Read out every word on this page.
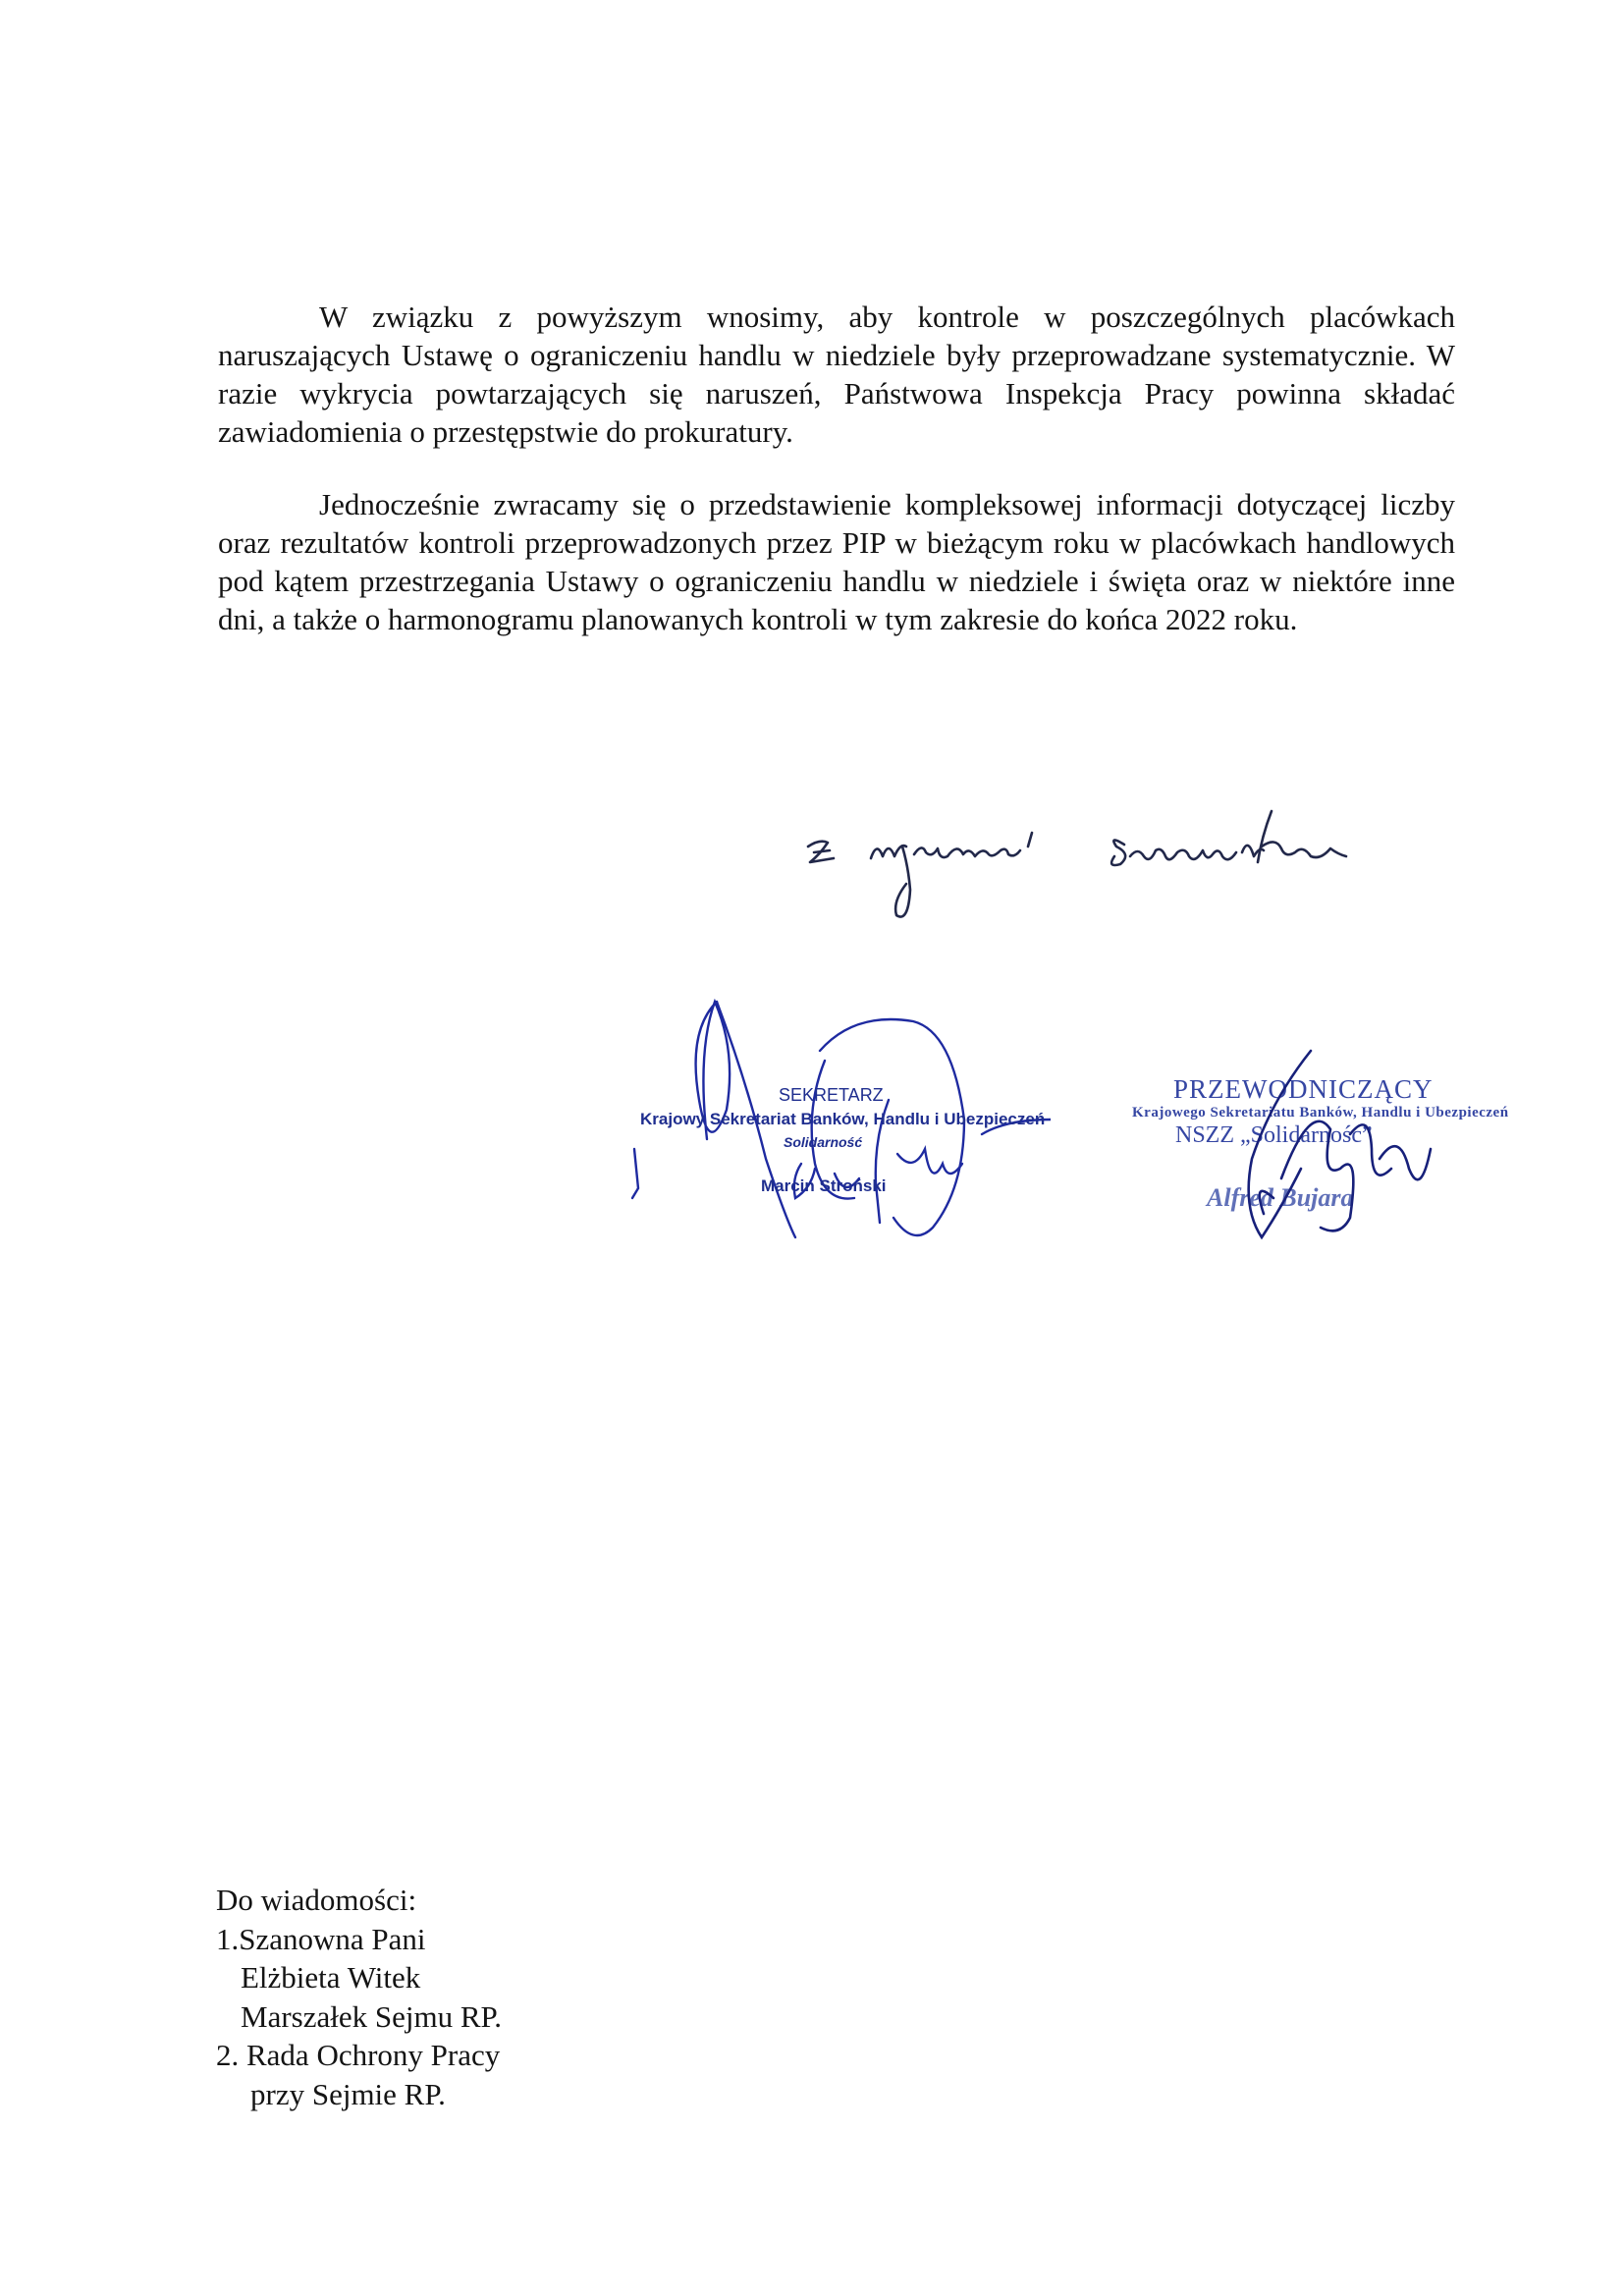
W związku z powyższym wnosimy, aby kontrole w poszczególnych placówkach naruszających Ustawę o ograniczeniu handlu w niedziele były przeprowadzane systematycznie. W razie wykrycia powtarzających się naruszeń, Państwowa Inspekcja Pracy powinna składać zawiadomienia o przestępstwie do prokuratury.

Jednocześnie zwracamy się o przedstawienie kompleksowej informacji dotyczącej liczby oraz rezultatów kontroli przeprowadzonych przez PIP w bieżącym roku w placówkach handlowych pod kątem przestrzegania Ustawy o ograniczeniu handlu w niedziele i święta oraz w niektóre inne dni, a także o harmonogramu planowanych kontroli w tym zakresie do końca 2022 roku.

SEKRETARZ
Krajowy Sekretariat Banków, Handlu i Ubezpieczeń
Solidarność
Marcin Stroński
PRZEWODNICZĄCY
Krajowego Sekretariatu Banków, Handlu i Ubezpieczeń
NSZZ „Solidarność”
Alfred Bujara
Do wiadomości:
1.Szanowna Pani
Elżbieta Witek
Marszałek Sejmu RP.
2. Rada Ochrony Pracy
przy Sejmie RP.
